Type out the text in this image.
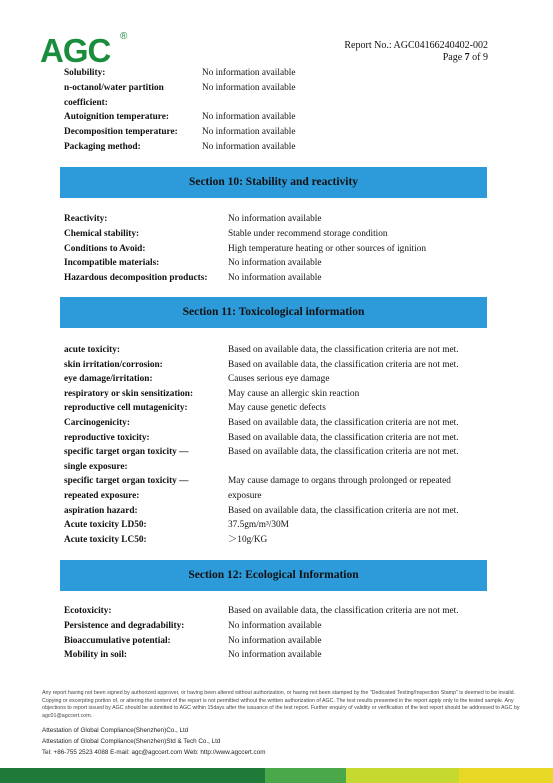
AGC ®
Report No.: AGC04166240402-002
Page 7 of 9
Solubility:	No information available
n-octanol/water partition	No information available
coefficient:
Autoignition temperature:	No information available
Decomposition temperature:	No information available
Packaging method:	No information available
Section 10: Stability and reactivity
Reactivity:	No information available
Chemical stability:	Stable under recommend storage condition
Conditions to Avoid:	High temperature heating or other sources of ignition
Incompatible materials:	No information available
Hazardous decomposition products: No information available
Section 11: Toxicological information
acute toxicity:	Based on available data, the classification criteria are not met.
skin irritation/corrosion:	Based on available data, the classification criteria are not met.
eye damage/irritation:	Causes serious eye damage
respiratory or skin sensitization:	May cause an allergic skin reaction
reproductive cell mutagenicity:	May cause genetic defects
Carcinogenicity:	Based on available data, the classification criteria are not met.
reproductive toxicity:	Based on available data, the classification criteria are not met.
specific target organ toxicity —	Based on available data, the classification criteria are not met.
single exposure:
specific target organ toxicity —	May cause damage to organs through prolonged or repeated
repeated exposure:	exposure
aspiration hazard:	Based on available data, the classification criteria are not met.
Acute toxicity LD50:	37.5gm/m³/30M
Acute toxicity LC50:	＞10g/KG
Section 12: Ecological Information
Ecotoxicity:	Based on available data, the classification criteria are not met.
Persistence and degradability:	No information available
Bioaccumulative potential:	No information available
Mobility in soil:	No information available
Any report having not been signed by authorized approver, or having been altered without authorization, or having not been stamped by the "Dedicated Testing/Inspection Stamp" is deemed to be invalid. Copying or excerpting portion of, or altering the content of the report is not permitted without the written authorization of AGC. The test results presented in the report apply only to the tested sample. Any objections to report issued by AGC should be submitted to AGC within 15days after the issuance of the test report. Further enquiry of validity or verification of the test report should be addressed to AGC by agc01@agccert.com.
Attestation of Global Compliance(Shenzhen)Co., Ltd
Attestation of Global Compliance(Shenzhen)Std & Tech Co., Ltd
Tel: +86-755 2523 4088 E-mail: agc@agccert.com Web: http://www.agccert.com
